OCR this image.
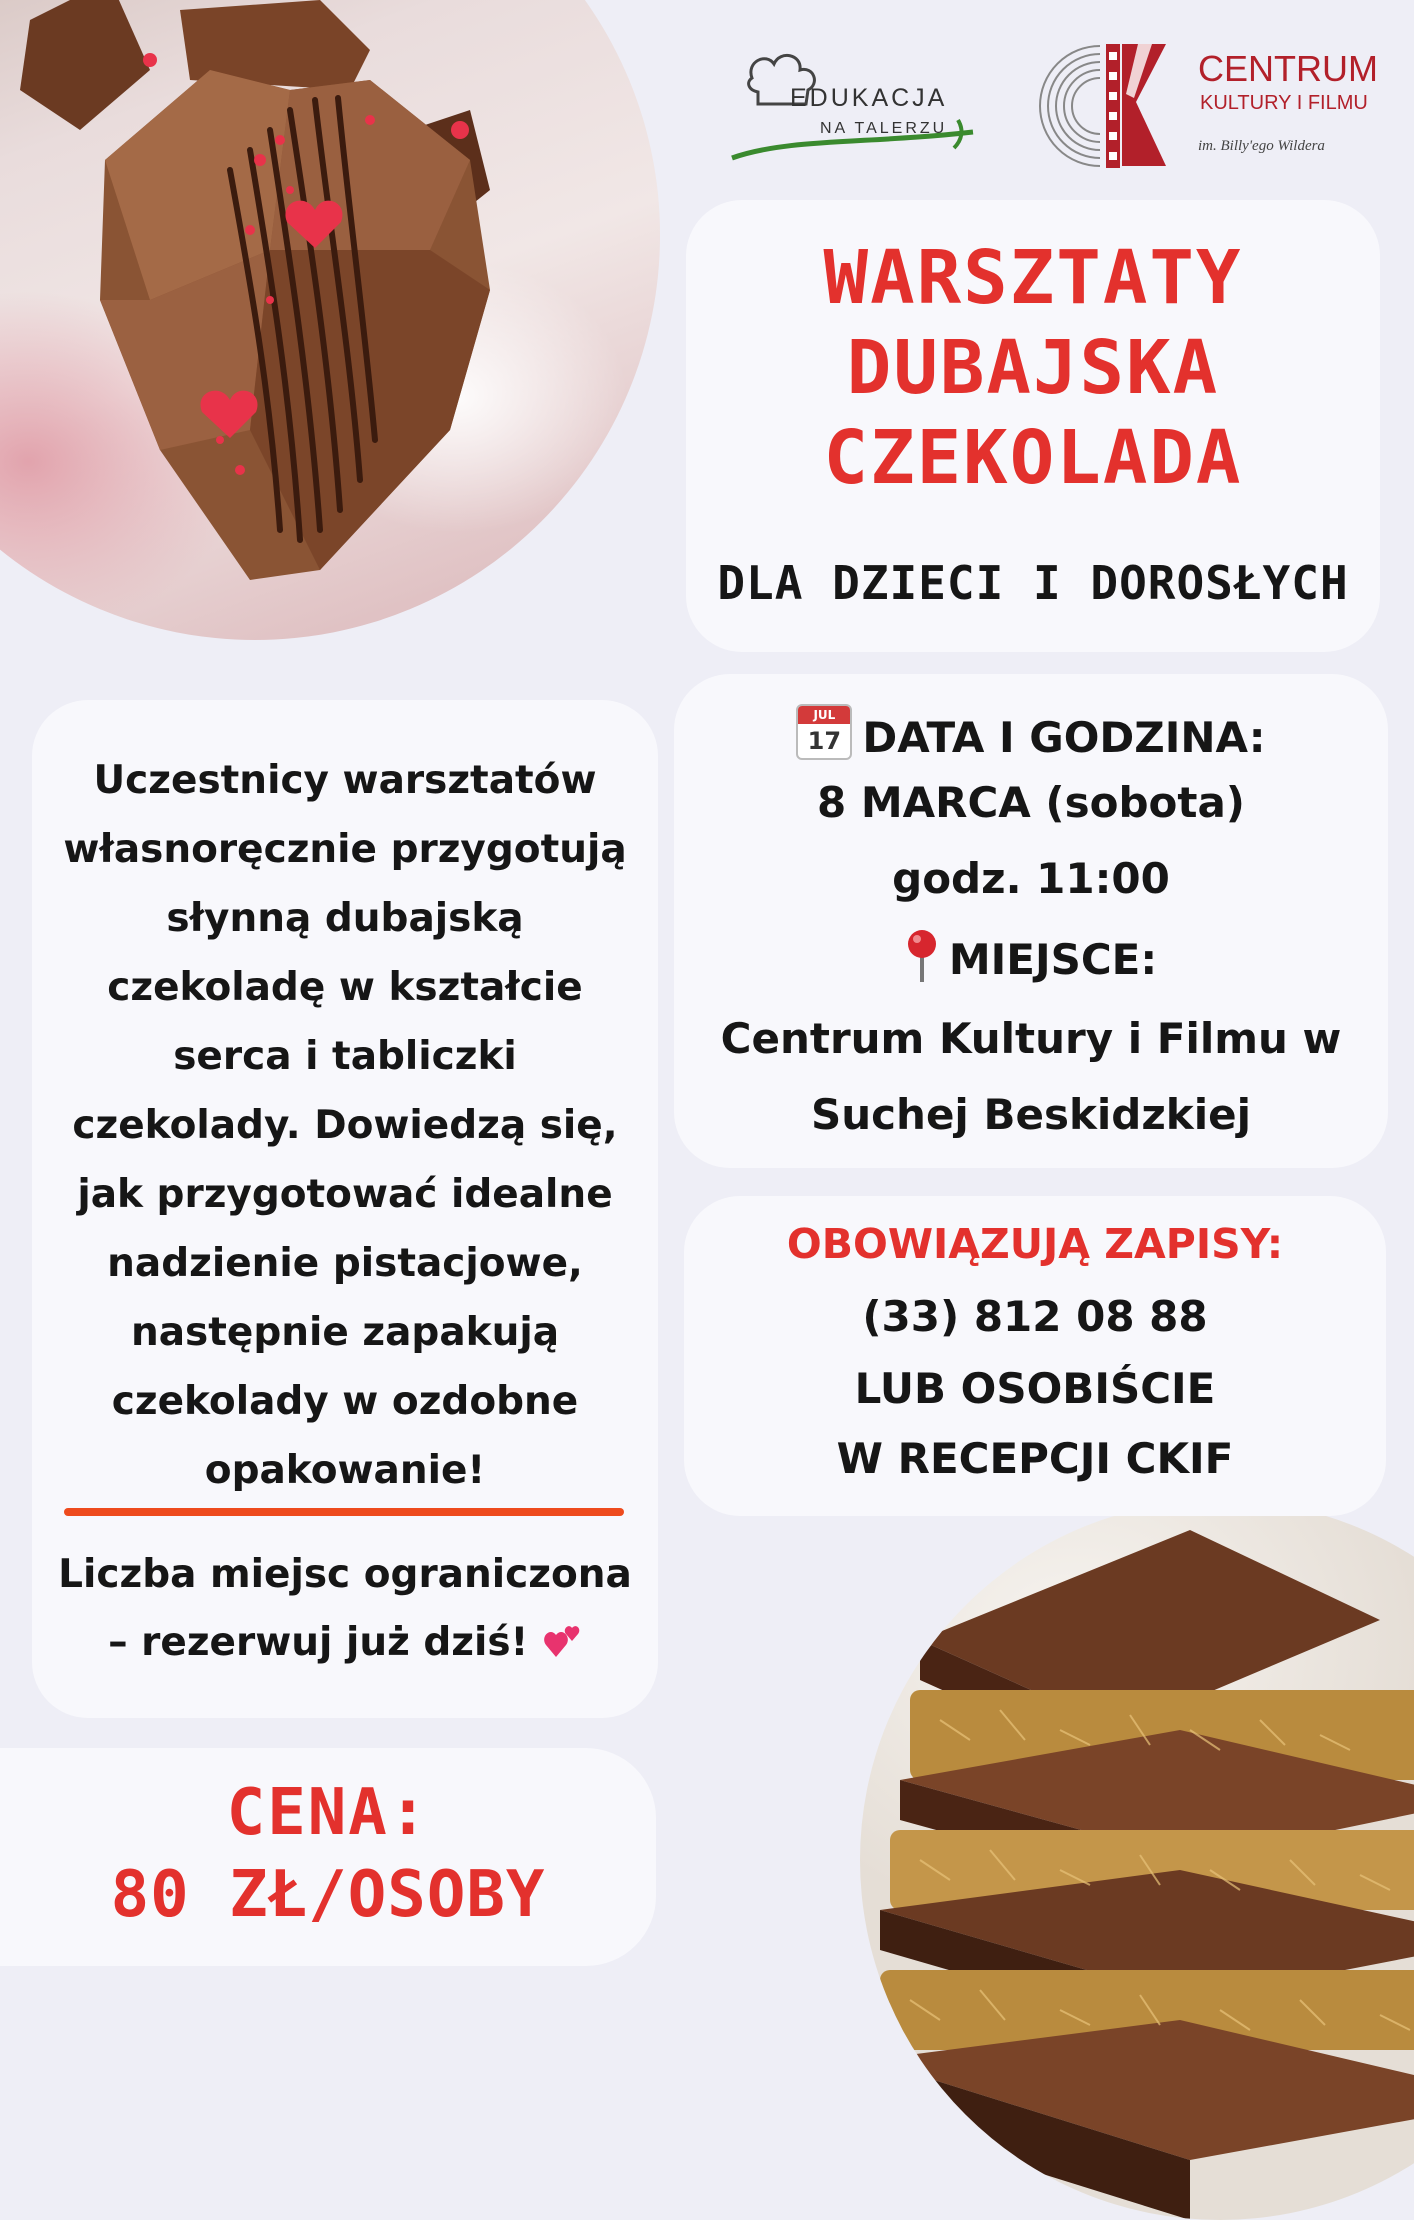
EDUKACJA
NA TALERZU
CENTRUM
KULTURY I FILMU
im. Billy'ego Wildera
WARSZTATY
DUBAJSKA
CZEKOLADA
DLA DZIECI I DOROSŁYCH
JUL
17 DATA I GODZINA:
8 MARCA (sobota)
godz. 11:00
MIEJSCE:
Centrum Kultury i Filmu w
Suchej Beskidzkiej
OBOWIĄZUJĄ ZAPISY:
(33) 812 08 88
LUB OSOBIŚCIE
W RECEPCJI CKIF
Uczestnicy warsztatów
własnoręcznie przygotują
słynną dubajską
czekoladę w kształcie
serca i tabliczki
czekolady. Dowiedzą się,
jak przygotować idealne
nadzienie pistacjowe,
następnie zapakują
czekolady w ozdobne
opakowanie!
Liczba miejsc ograniczona
– rezerwuj już dziś!
CENA:
80 ZŁ/OSOBY
